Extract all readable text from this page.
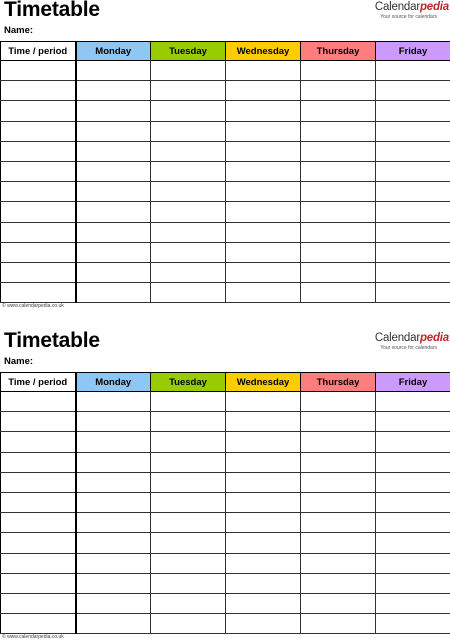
Timetable
Name:
Calendarpedia
Your source for calendars
Time / period	Monday	Tuesday	Wednesday	Thursday	Friday

© www.calendarpedia.co.uk
Timetable
Name:
Calendarpedia
Your source for calendars
Time / period	Monday	Tuesday	Wednesday	Thursday	Friday

© www.calendarpedia.co.uk
